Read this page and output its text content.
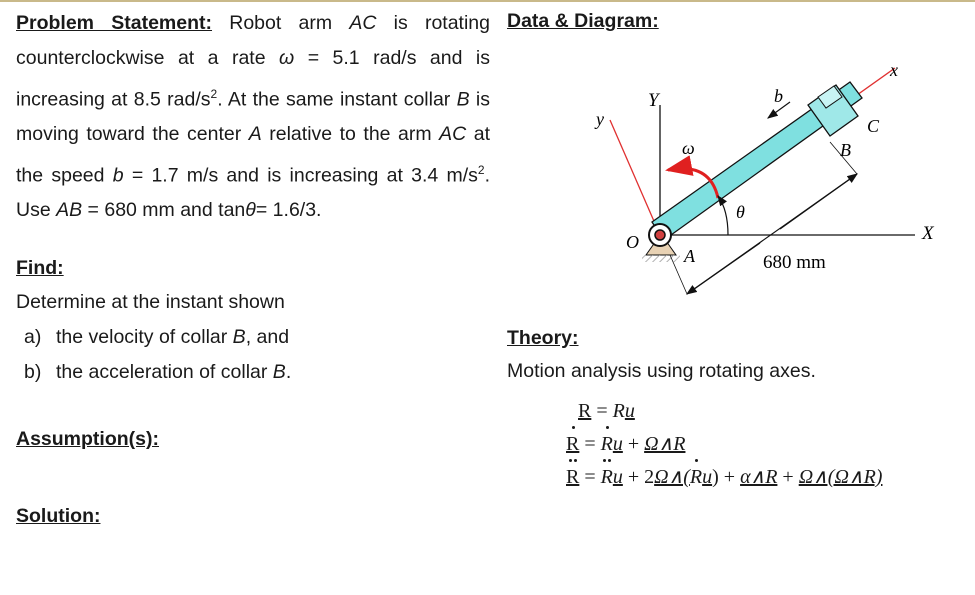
Problem Statement: Robot arm AC is rotating counterclockwise at a rate ω = 5.1 rad/s and is increasing at 8.5 rad/$s^2$. At the same instant collar B is moving toward the center A relative to the arm AC at the speed b = 1.7 m/s and is increasing at 3.4 $m/s^2$. Use AB = 680 mm and tanθ= 1.6/3.
Find:
Determine at the instant shown
a) the velocity of collar B, and
b) the acceleration of collar B.
Assumption(s):
Solution:
Data & Diagram:
x
y
Y
X
ω
θ
b
C
B
A
O
680 mm
Theory:
Motion analysis using rotating axes.
R = Ru
R = Ru + Ω∧R
R = Ru + 2Ω∧(Ru) + α∧R + Ω∧(Ω∧R)
